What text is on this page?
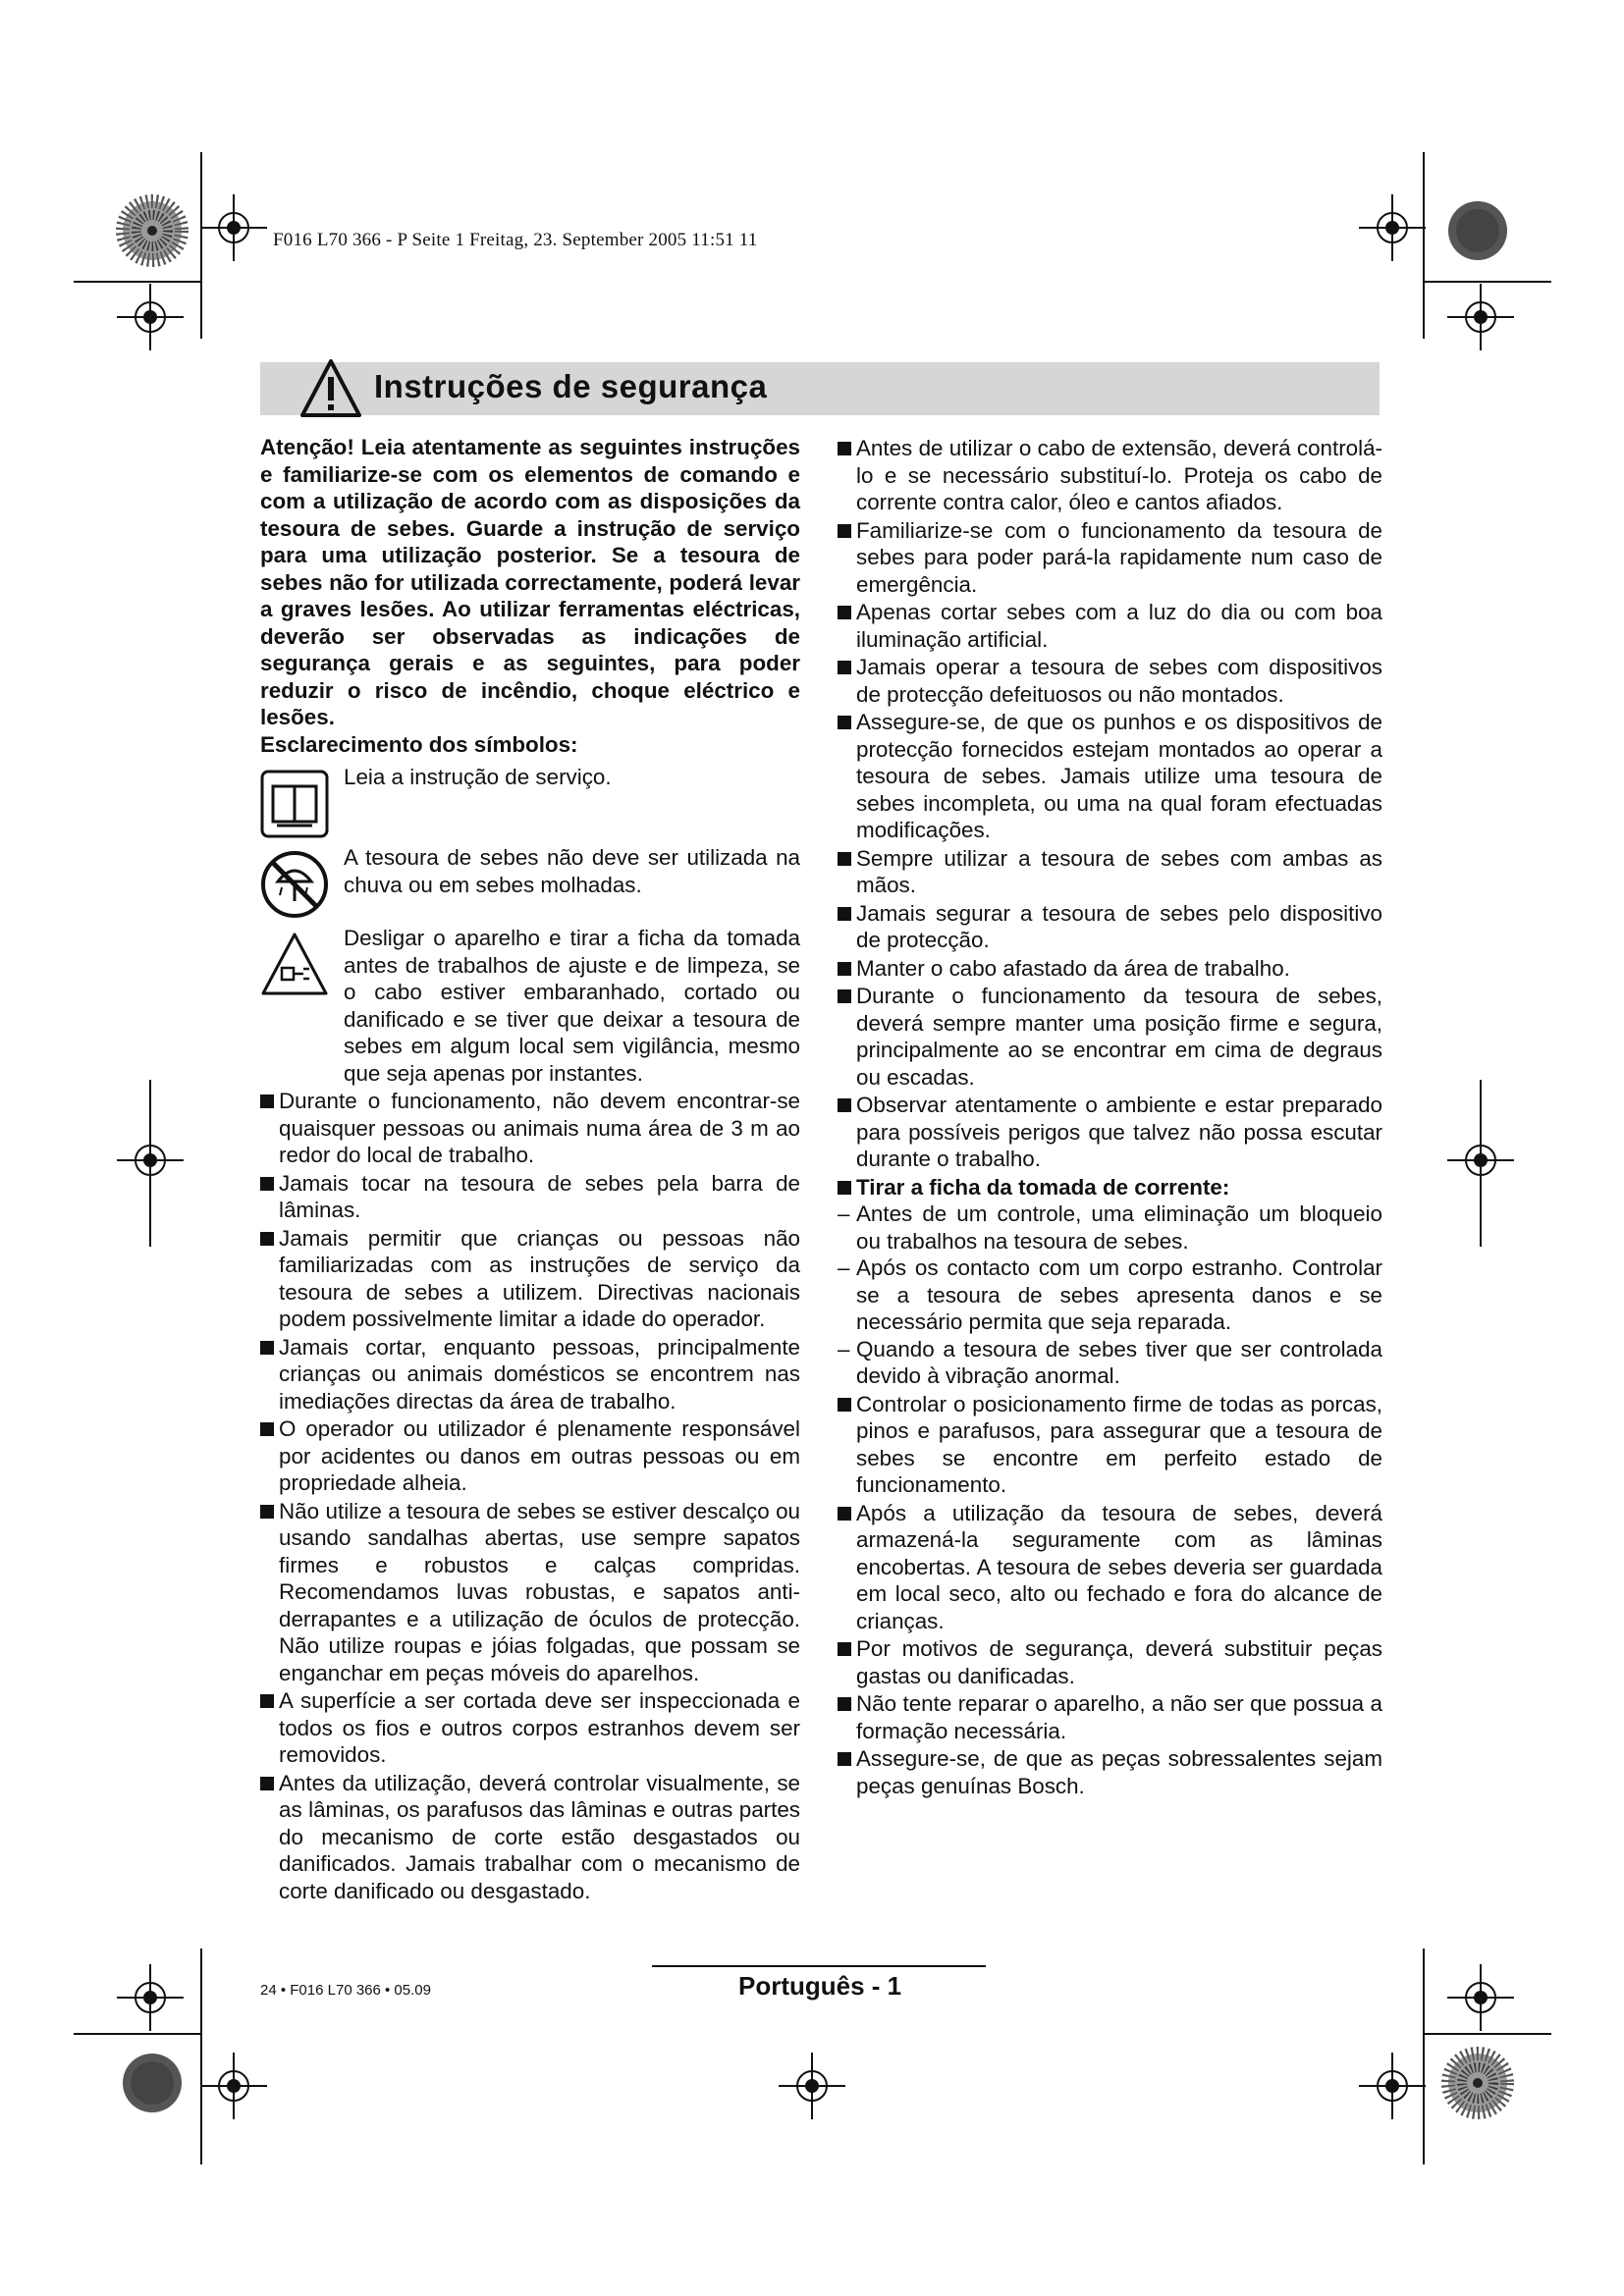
F016 L70 366 - P Seite 1 Freitag, 23. September 2005 11:51 11
Instruções de segurança

Atenção! Leia atentamente as seguintes instruções e familiarize-se com os elementos de comando e com a utilização de acordo com as disposições da tesoura de sebes. Guarde a instrução de serviço para uma utilização posterior. Se a tesoura de sebes não for utilizada correctamente, poderá levar a graves lesões. Ao utilizar ferramentas eléctricas, deverão ser observadas as indicações de segurança gerais e as seguintes, para poder reduzir o risco de incêndio, choque eléctrico e lesões.

Esclarecimento dos símbolos:

Leia a instrução de serviço.
A tesoura de sebes não deve ser utilizada na chuva ou em sebes molhadas.
Desligar o aparelho e tirar a ficha da tomada antes de trabalhos de ajuste e de limpeza, se o cabo estiver embaranhado, cortado ou danificado e se tiver que deixar a tesoura de sebes em algum local sem vigilância, mesmo que seja apenas por instantes.

Durante o funcionamento, não devem encontrar-se quaisquer pessoas ou animais numa área de 3 m ao redor do local de trabalho.

Jamais tocar na tesoura de sebes pela barra de lâminas.

Jamais permitir que crianças ou pessoas não familiarizadas com as instruções de serviço da tesoura de sebes a utilizem. Directivas nacionais podem possivelmente limitar a idade do operador.

Jamais cortar, enquanto pessoas, principalmente crianças ou animais domésticos se encontrem nas imediações directas da área de trabalho.

O operador ou utilizador é plenamente responsável por acidentes ou danos em outras pessoas ou em propriedade alheia.

Não utilize a tesoura de sebes se estiver descalço ou usando sandalhas abertas, use sempre sapatos firmes e robustos e calças compridas. Recomendamos luvas robustas, e sapatos anti-derrapantes e a utilização de óculos de protecção. Não utilize roupas e jóias folgadas, que possam se enganchar em peças móveis do aparelhos.

A superfície a ser cortada deve ser inspeccionada e todos os fios e outros corpos estranhos devem ser removidos.

Antes da utilização, deverá controlar visualmente, se as lâminas, os parafusos das lâminas e outras partes do mecanismo de corte estão desgastados ou danificados. Jamais trabalhar com o mecanismo de corte danificado ou desgastado.

Antes de utilizar o cabo de extensão, deverá controlá-lo e se necessário substituí-lo. Proteja os cabo de corrente contra calor, óleo e cantos afiados.

Familiarize-se com o funcionamento da tesoura de sebes para poder pará-la rapidamente num caso de emergência.

Apenas cortar sebes com a luz do dia ou com boa iluminação artificial.

Jamais operar a tesoura de sebes com dispositivos de protecção defeituosos ou não montados.

Assegure-se, de que os punhos e os dispositivos de protecção fornecidos estejam montados ao operar a tesoura de sebes. Jamais utilize uma tesoura de sebes incompleta, ou uma na qual foram efectuadas modificações.

Sempre utilizar a tesoura de sebes com ambas as mãos.

Jamais segurar a tesoura de sebes pelo dispositivo de protecção.

Manter o cabo afastado da área de trabalho.

Durante o funcionamento da tesoura de sebes, deverá sempre manter uma posição firme e segura, principalmente ao se encontrar em cima de degraus ou escadas.

Observar atentamente o ambiente e estar preparado para possíveis perigos que talvez não possa escutar durante o trabalho.

Tirar a ficha da tomada de corrente:

– Antes de um controle, uma eliminação um bloqueio ou trabalhos na tesoura de sebes.

– Após os contacto com um corpo estranho. Controlar se a tesoura de sebes apresenta danos e se necessário permita que seja reparada.

– Quando a tesoura de sebes tiver que ser controlada devido à vibração anormal.

Controlar o posicionamento firme de todas as porcas, pinos e parafusos, para assegurar que a tesoura de sebes se encontre em perfeito estado de funcionamento.

Após a utilização da tesoura de sebes, deverá armazená-la seguramente com as lâminas encobertas. A tesoura de sebes deveria ser guardada em local seco, alto ou fechado e fora do alcance de crianças.

Por motivos de segurança, deverá substituir peças gastas ou danificadas.

Não tente reparar o aparelho, a não ser que possua a formação necessária.

Assegure-se, de que as peças sobressalentes sejam peças genuínas Bosch.

24 • F016 L70 366 • 05.09	Português - 1
